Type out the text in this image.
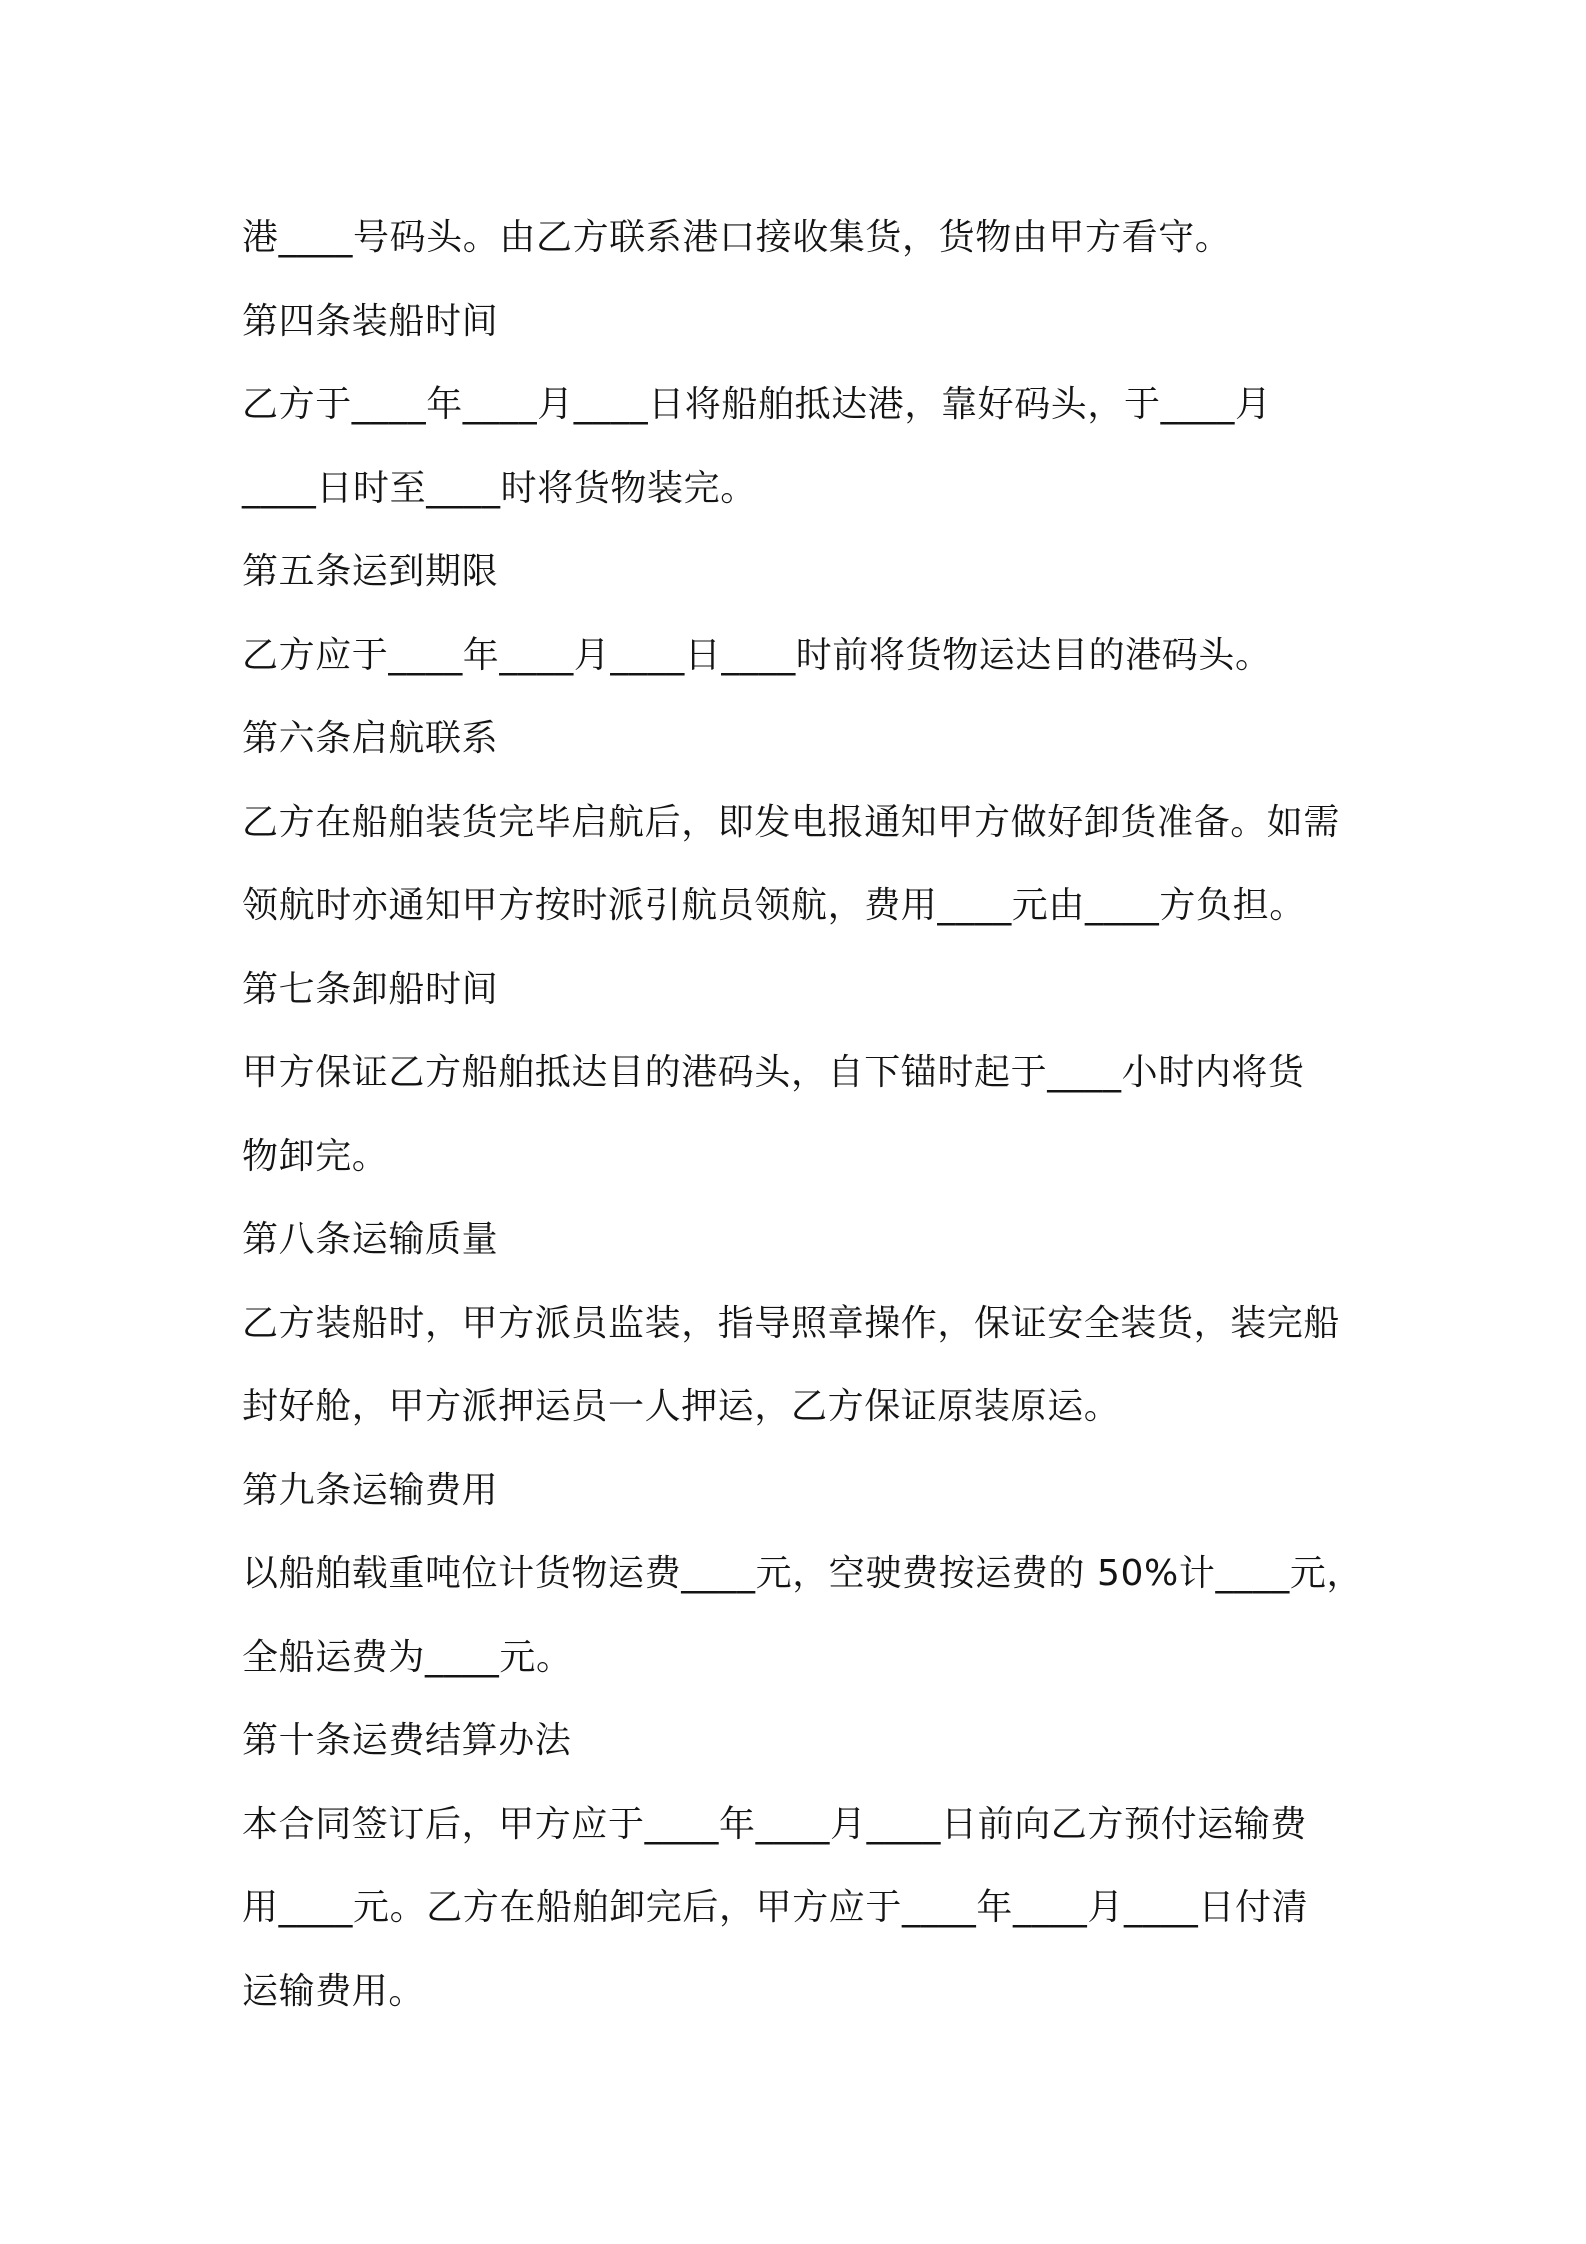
港____号码头。由乙方联系港口接收集货，货物由甲方看守。
第四条装船时间
乙方于____年____月____日将船舶抵达港，靠好码头，于____月
____日时至____时将货物装完。
第五条运到期限
乙方应于____年____月____日____时前将货物运达目的港码头。
第六条启航联系
乙方在船舶装货完毕启航后，即发电报通知甲方做好卸货准备。如需
领航时亦通知甲方按时派引航员领航，费用____元由____方负担。
第七条卸船时间
甲方保证乙方船舶抵达目的港码头，自下锚时起于____小时内将货
物卸完。
第八条运输质量
乙方装船时，甲方派员监装，指导照章操作，保证安全装货，装完船
封好舱，甲方派押运员一人押运，乙方保证原装原运。
第九条运输费用
以船舶载重吨位计货物运费____元，空驶费按运费的 50%计____元，
全船运费为____元。
第十条运费结算办法
本合同签订后，甲方应于____年____月____日前向乙方预付运输费
用____元。乙方在船舶卸完后，甲方应于____年____月____日付清
运输费用。
